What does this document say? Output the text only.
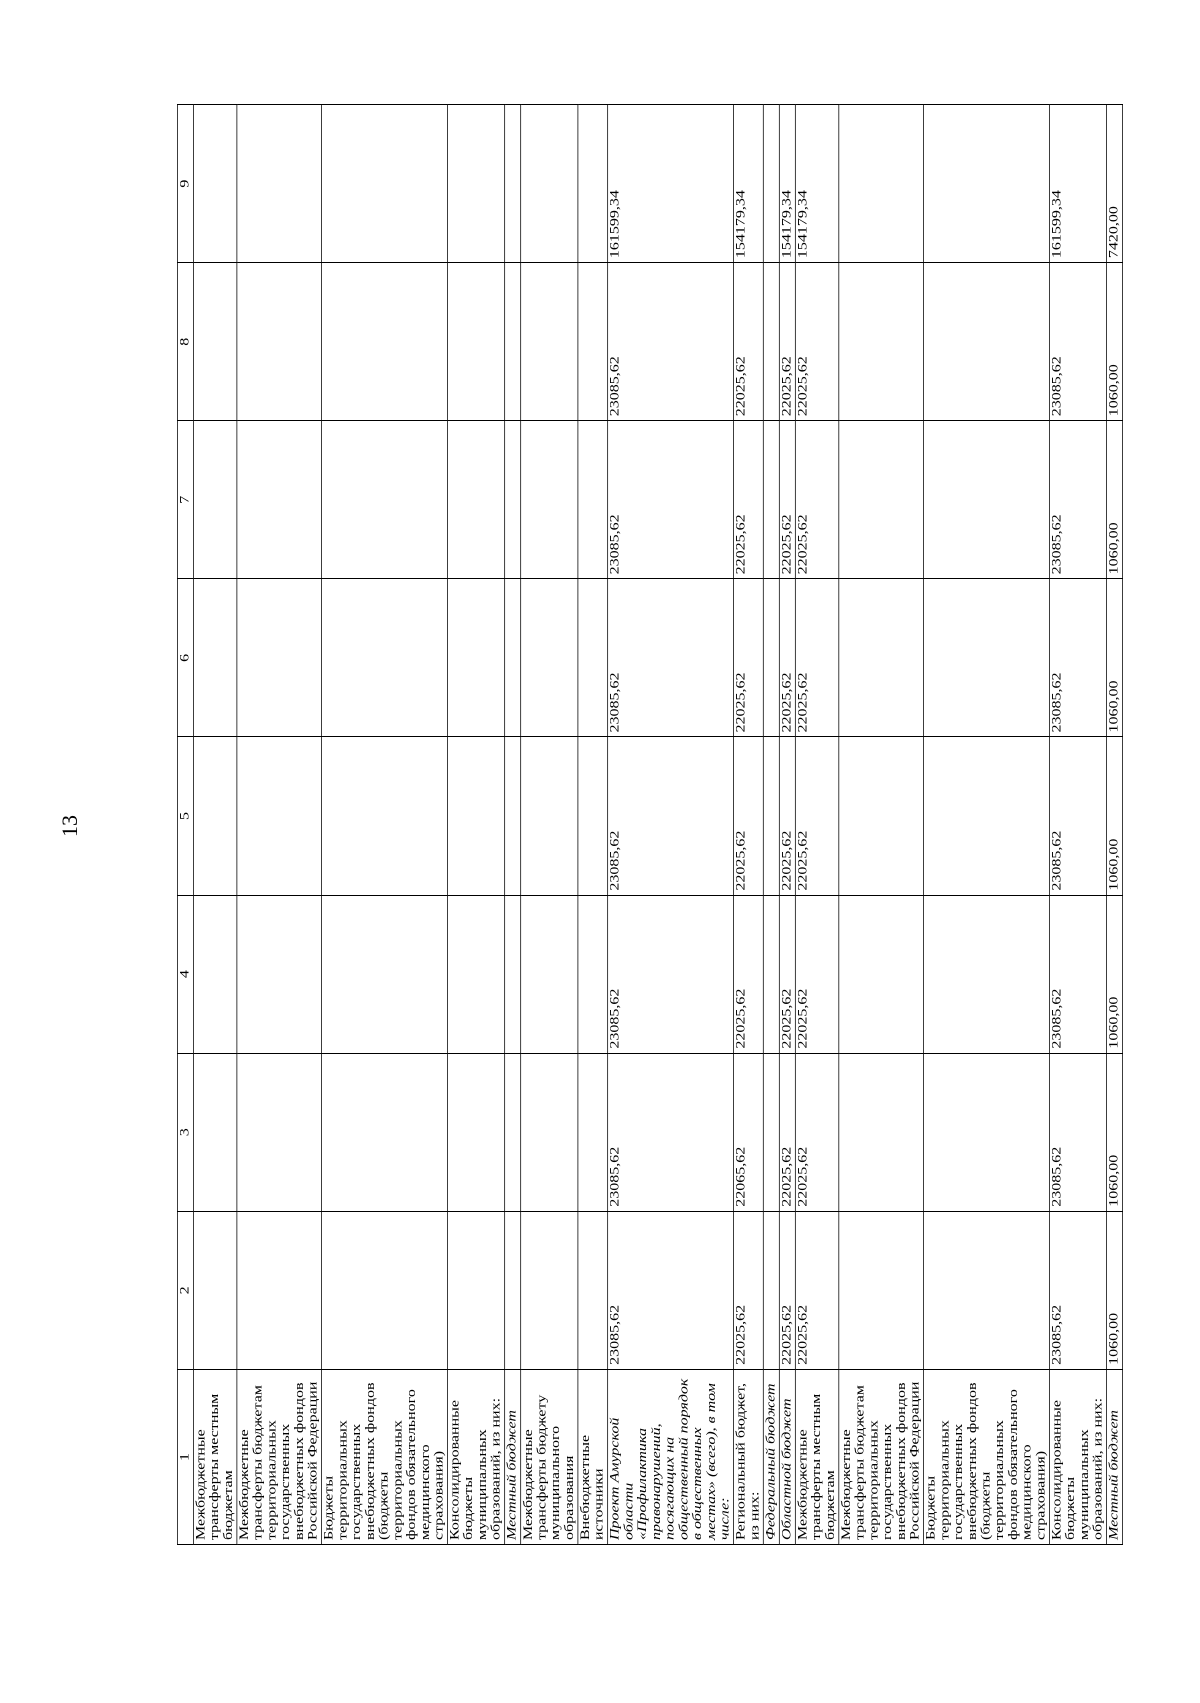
13
1	2	3	4	5	6	7	8	9
Межбюджетные трансферты местным бюджетам								
Межбюджетные трансферты бюджетам территориальных государственных внебюджетных фондов Российской Федерации								
Бюджеты территориальных государственных внебюджетных фондов (бюджеты территориальных фондов обязательного медицинского страхования)								
Консолидированные бюджеты муниципальных образований, из них:								
Местный бюджет								
Межбюджетные трансферты бюджету муниципального образования								
Внебюджетные источники								
Проект Амурской области «Профилактика правонарушений, посягающих на общественный порядок в общественных местах» (всего), в том числе:	23085,62	23085,62	23085,62	23085,62	23085,62	23085,62	23085,62	161599,34
Региональный бюджет, из них:	22025,62	22065,62	22025,62	22025,62	22025,62	22025,62	22025,62	154179,34
Федеральный бюджет								
Областной бюджет	22025,62	22025,62	22025,62	22025,62	22025,62	22025,62	22025,62	154179,34
Межбюджетные трансферты местным бюджетам	22025,62	22025,62	22025,62	22025,62	22025,62	22025,62	22025,62	154179,34
Межбюджетные трансферты бюджетам территориальных государственных внебюджетных фондов Российской Федерации								
Бюджеты территориальных государственных внебюджетных фондов (бюджеты территориальных фондов обязательного медицинского страхования)								
Консолидированные бюджеты муниципальных образований, из них:	23085,62	23085,62	23085,62	23085,62	23085,62	23085,62	23085,62	161599,34
Местный бюджет	1060,00	1060,00	1060,00	1060,00	1060,00	1060,00	1060,00	7420,00
